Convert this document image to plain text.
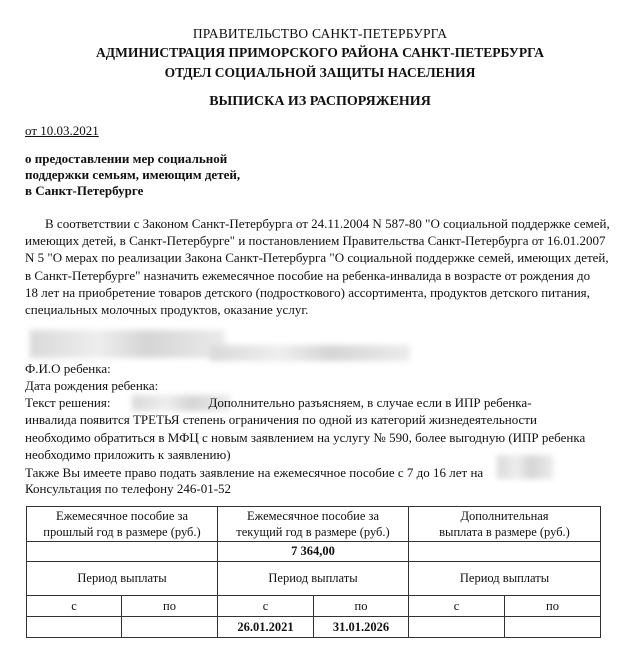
ПРАВИТЕЛЬСТВО САНКТ-ПЕТЕРБУРГА
АДМИНИСТРАЦИЯ ПРИМОРСКОГО РАЙОНА САНКТ-ПЕТЕРБУРГА
ОТДЕЛ СОЦИАЛЬНОЙ ЗАЩИТЫ НАСЕЛЕНИЯ
ВЫПИСКА ИЗ РАСПОРЯЖЕНИЯ
от 10.03.2021
о предоставлении мер социальной
поддержки семьям, имеющим детей,
в Санкт-Петербурге
В соответствии с Законом Санкт-Петербурга от 24.11.2004 N 587-80 "О социальной поддержке семей,
имеющих детей, в Санкт-Петербурге" и постановлением Правительства Санкт-Петербурга от 16.01.2007
N 5 "О мерах по реализации Закона Санкт-Петербурга "О социальной поддержке семей, имеющих детей,
в Санкт-Петербурге" назначить ежемесячное пособие на ребенка-инвалида в возрасте от рождения до
18 лет на приобретение товаров детского (подросткового) ассортимента, продуктов детского питания,
специальных молочных продуктов, оказание услуг.
Ф.И.О ребенка:
Дата рождения ребенка:
Текст решения:	Дополнительно разъясняем, в случае если в ИПР ребенка-
инвалида появится ТРЕТЬЯ степень ограничения по одной из категорий жизнедеятельности
необходимо обратиться в МФЦ с новым заявлением на услугу № 590, более выгодную (ИПР ребенка
необходимо приложить к заявлению)
Также Вы имеете право подать заявление на ежемесячное пособие с 7 до 16 лет на
Консультация по телефону 246-01-52
Ежемесячное пособие за
прошлый год в размере (руб.)		Ежемесячное пособие за
текущий год в размере (руб.)		Дополнительная
выплата в размере (руб.)	
		7 364,00			
Период выплаты		Период выплаты		Период выплаты	
с	по	с	по	с	по
		26.01.2021	31.01.2026		
